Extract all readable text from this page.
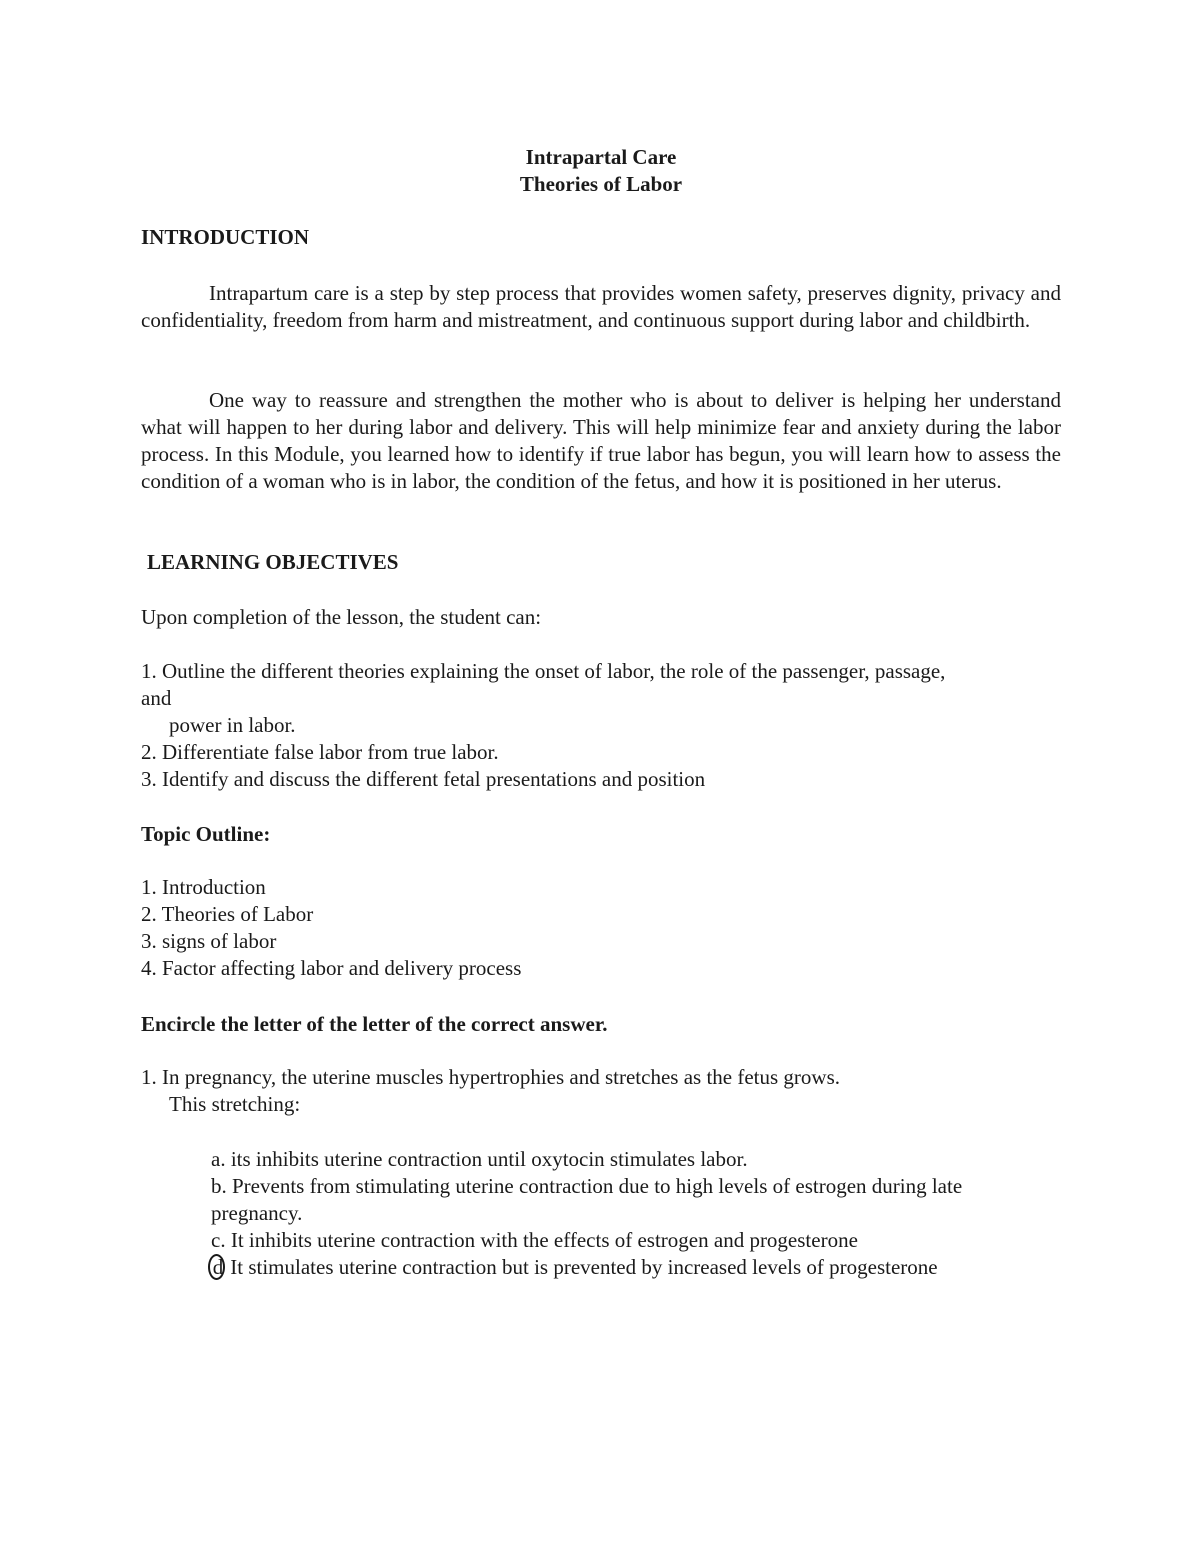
Intrapartal Care
Theories of Labor
INTRODUCTION

Intrapartum care is a step by step process that provides women safety, preserves dignity, privacy and confidentiality, freedom from harm and mistreatment, and continuous support during labor and childbirth.

One way to reassure and strengthen the mother who is about to deliver is helping her understand what will happen to her during labor and delivery. This will help minimize fear and anxiety during the labor process. In this Module, you learned how to identify if true labor has begun, you will learn how to assess the condition of a woman who is in labor, the condition of the fetus, and how it is positioned in her uterus.

LEARNING OBJECTIVES
Upon completion of the lesson, the student can:
1. Outline the different theories explaining the onset of labor, the role of the passenger, passage,
and
power in labor.
2. Differentiate false labor from true labor.
3. Identify and discuss the different fetal presentations and position
Topic Outline:
1. Introduction
2. Theories of Labor
3. signs of labor
4. Factor affecting labor and delivery process
Encircle the letter of the letter of the correct answer.
1. In pregnancy, the uterine muscles hypertrophies and stretches as the fetus grows.
This stretching:
a. its inhibits uterine contraction until oxytocin stimulates labor.
b. Prevents from stimulating uterine contraction due to high levels of estrogen during late
pregnancy.
c. It inhibits uterine contraction with the effects of estrogen and progesterone
d It stimulates uterine contraction but is prevented by increased levels of progesterone
